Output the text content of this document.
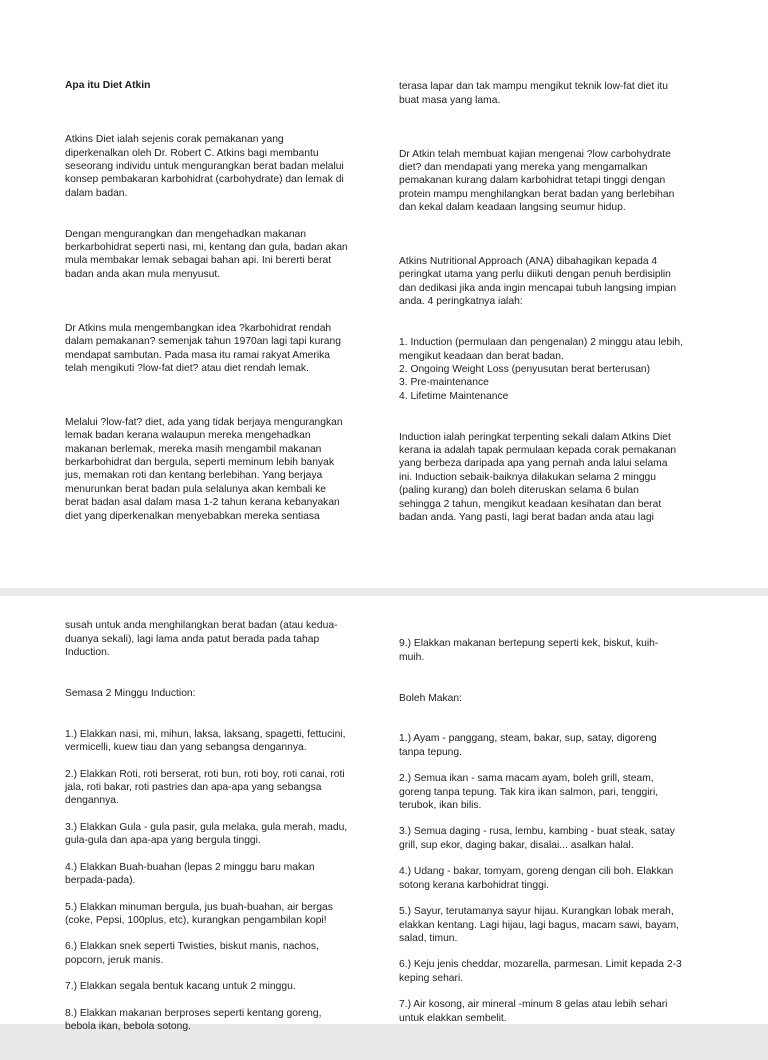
Apa itu Diet Atkin

Atkins Diet ialah sejenis corak pemakanan yang
diperkenalkan oleh Dr. Robert C. Atkins bagi membantu
seseorang individu untuk mengurangkan berat badan melalui
konsep pembakaran karbohidrat (carbohydrate) dan lemak di
dalam badan.

Dengan mengurangkan dan mengehadkan makanan
berkarbohidrat seperti nasi, mi, kentang dan gula, badan akan
mula membakar lemak sebagai bahan api. Ini bererti berat
badan anda akan mula menyusut.

Dr Atkins mula mengembangkan idea ?karbohidrat rendah
dalam pemakanan? semenjak tahun 1970an lagi tapi kurang
mendapat sambutan. Pada masa itu ramai rakyat Amerika
telah mengikuti ?low-fat diet? atau diet rendah lemak.

Melalui ?low-fat? diet, ada yang tidak berjaya mengurangkan
lemak badan kerana walaupun mereka mengehadkan
makanan berlemak, mereka masih mengambil makanan
berkarbohidrat dan bergula, seperti meminum lebih banyak
jus, memakan roti dan kentang berlebihan. Yang berjaya
menurunkan berat badan pula selalunya akan kembali ke
berat badan asal dalam masa 1-2 tahun kerana kebanyakan
diet yang diperkenalkan menyebabkan mereka sentiasa

terasa lapar dan tak mampu mengikut teknik low-fat diet itu
buat masa yang lama.

Dr Atkin telah membuat kajian mengenai ?low carbohydrate
diet? dan mendapati yang mereka yang mengamalkan
pemakanan kurang dalam karbohidrat tetapi tinggi dengan
protein mampu menghilangkan berat badan yang berlebihan
dan kekal dalam keadaan langsing seumur hidup.

Atkins Nutritional Approach (ANA) dibahagikan kepada 4
peringkat utama yang perlu diikuti dengan penuh berdisiplin
dan dedikasi jika anda ingin mencapai tubuh langsing impian
anda. 4 peringkatnya ialah:

1. Induction (permulaan dan pengenalan) 2 minggu atau lebih,
mengikut keadaan dan berat badan.
2. Ongoing Weight Loss (penyusutan berat berterusan)
3. Pre-maintenance
4. Lifetime Maintenance

Induction ialah peringkat terpenting sekali dalam Atkins Diet
kerana ia adalah tapak permulaan kepada corak pemakanan
yang berbeza daripada apa yang pernah anda lalui selama
ini. Induction sebaik-baiknya dilakukan selama 2 minggu
(paling kurang) dan boleh diteruskan selama 6 bulan
sehingga 2 tahun, mengikut keadaan kesihatan dan berat
badan anda. Yang pasti, lagi berat badan anda atau lagi

susah untuk anda menghilangkan berat badan (atau kedua-
duanya sekali), lagi lama anda patut berada pada tahap
Induction.

Semasa 2 Minggu Induction:

1.) Elakkan nasi, mi, mihun, laksa, laksang, spagetti, fettucini,
vermicelli, kuew tiau dan yang sebangsa dengannya.

2.) Elakkan Roti, roti berserat, roti bun, roti boy, roti canai, roti
jala, roti bakar, roti pastries dan apa-apa yang sebangsa
dengannya.

3.) Elakkan Gula - gula pasir, gula melaka, gula merah, madu,
gula-gula dan apa-apa yang bergula tinggi.

4.) Elakkan Buah-buahan (lepas 2 minggu baru makan
berpada-pada).

5.) Elakkan minuman bergula, jus buah-buahan, air bergas
(coke, Pepsi, 100plus, etc), kurangkan pengambilan kopi!

6.) Elakkan snek seperti Twisties, biskut manis, nachos,
popcorn, jeruk manis.

7.) Elakkan segala bentuk kacang untuk 2 minggu.

8.) Elakkan makanan berproses seperti kentang goreng,
bebola ikan, bebola sotong.

9.) Elakkan makanan bertepung seperti kek, biskut, kuih-
muih.

Boleh Makan:

1.) Ayam - panggang, steam, bakar, sup, satay, digoreng
tanpa tepung.

2.) Semua ikan - sama macam ayam, boleh grill, steam,
goreng tanpa tepung. Tak kira ikan salmon, pari, tenggiri,
terubok, ikan bilis.

3.) Semua daging - rusa, lembu, kambing - buat steak, satay
grill, sup ekor, daging bakar, disalai... asalkan halal.

4.) Udang - bakar, tomyam, goreng dengan cili boh. Elakkan
sotong kerana karbohidrat tinggi.

5.) Sayur, terutamanya sayur hijau. Kurangkan lobak merah,
elakkan kentang. Lagi hijau, lagi bagus, macam sawi, bayam,
salad, timun.

6.) Keju jenis cheddar, mozarella, parmesan. Limit kepada 2-3
keping sehari.

7.) Air kosong, air mineral -minum 8 gelas atau lebih sehari
untuk elakkan sembelit.
